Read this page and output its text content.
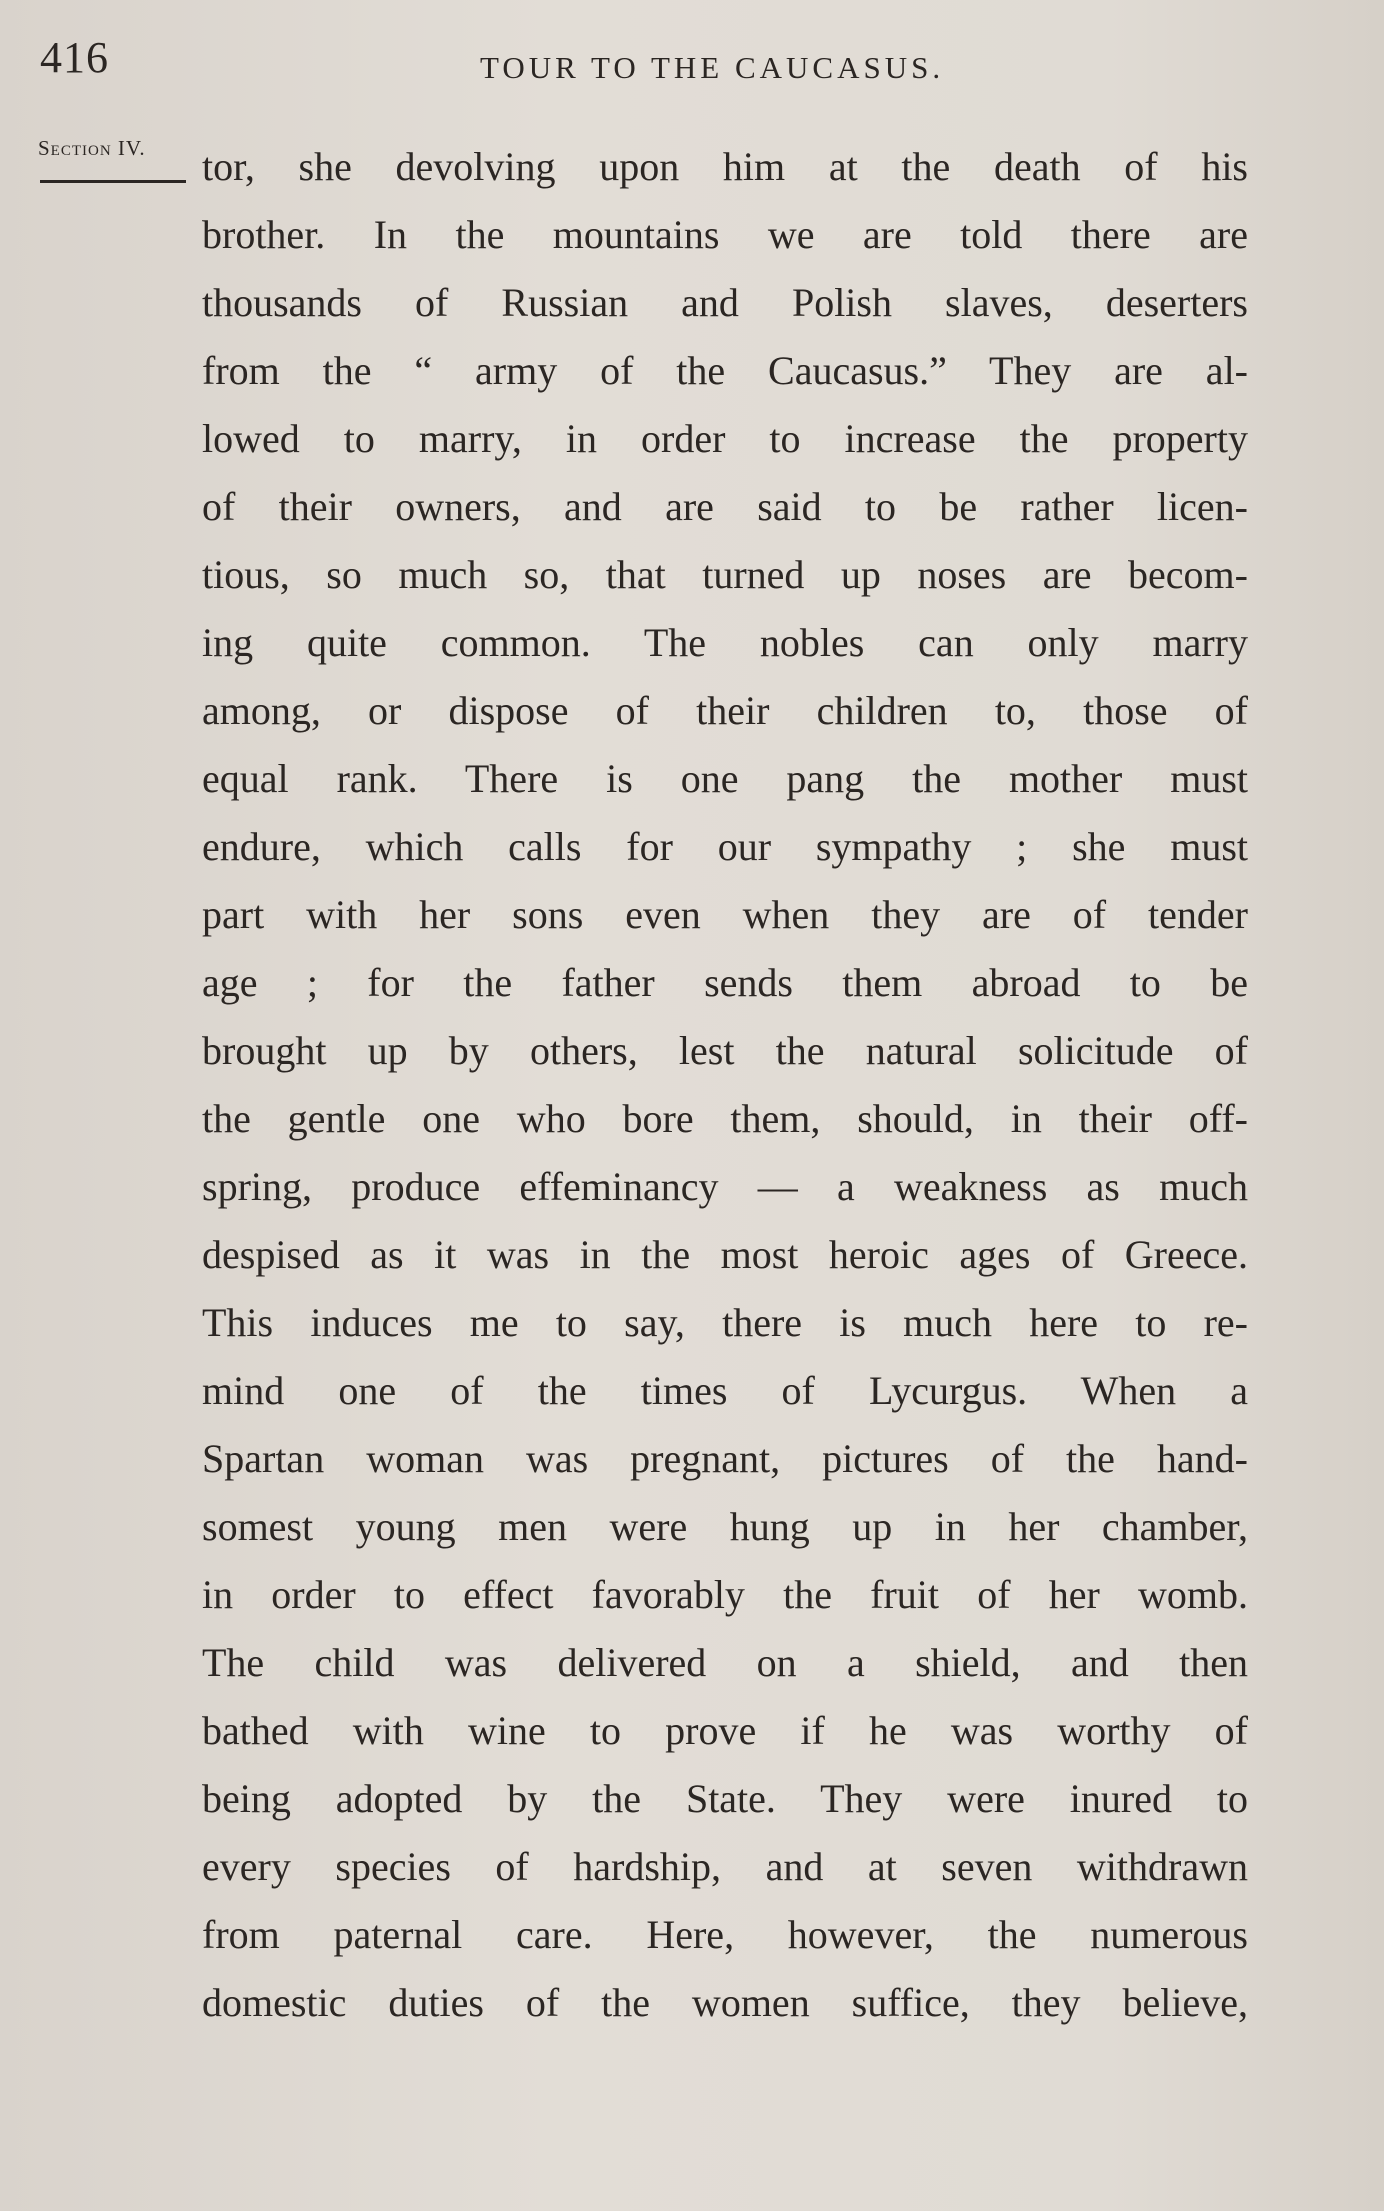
416	TOUR TO THE CAUCASUS.
Section IV. tor, she devolving upon him at the death of his
brother. In the mountains we are told there are
thousands of Russian and Polish slaves, deserters
from the “ army of the Caucasus.” They are al-
lowed to marry, in order to increase the property
of their owners, and are said to be rather licen-
tious, so much so, that turned up noses are becom-
ing quite common. The nobles can only marry
among, or dispose of their children to, those of
equal rank. There is one pang the mother must
endure, which calls for our sympathy ; she must
part with her sons even when they are of tender
age ; for the father sends them abroad to be
brought up by others, lest the natural solicitude of
the gentle one who bore them, should, in their off-
spring, produce effeminancy — a weakness as much
despised as it was in the most heroic ages of Greece.
This induces me to say, there is much here to re-
mind one of the times of Lycurgus. When a
Spartan woman was pregnant, pictures of the hand-
somest young men were hung up in her chamber,
in order to effect favorably the fruit of her womb.
The child was delivered on a shield, and then
bathed with wine to prove if he was worthy of
being adopted by the State. They were inured to
every species of hardship, and at seven withdrawn
from paternal care. Here, however, the numerous
domestic duties of the women suffice, they believe,
